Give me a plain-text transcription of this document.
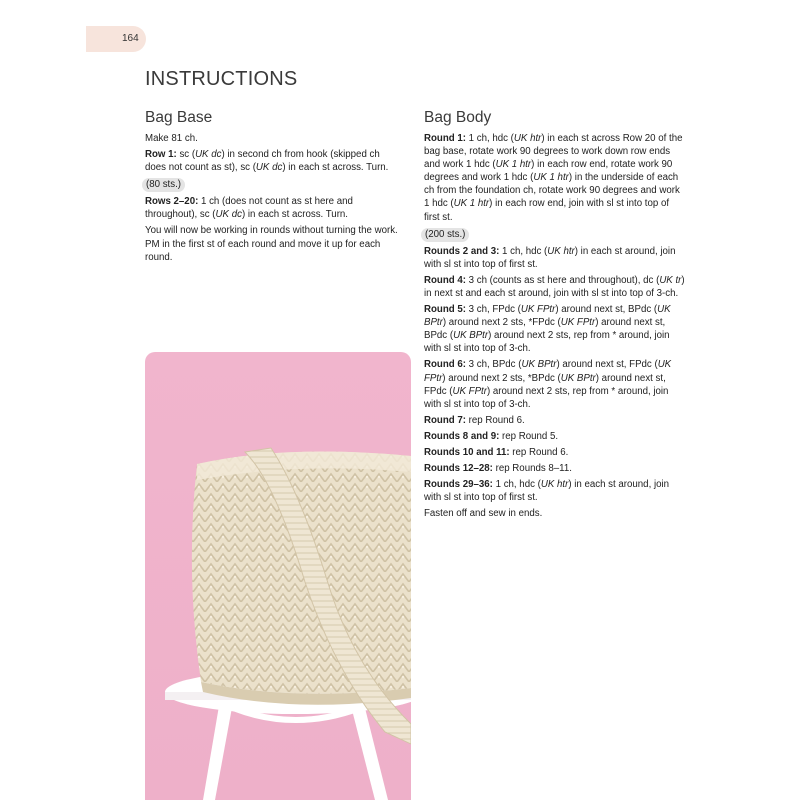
164
INSTRUCTIONS
Bag Base

Make 81 ch.

Row 1: sc (UK dc) in second ch from hook (skipped ch does not count as st), sc (UK dc) in each st across. Turn.

(80 sts.)

Rows 2–20: 1 ch (does not count as st here and throughout), sc (UK dc) in each st across. Turn.

You will now be working in rounds without turning the work. PM in the first st of each round and move it up for each round.

Bag Body

Round 1: 1 ch, hdc (UK htr) in each st across Row 20 of the bag base, rotate work 90 degrees to work down row ends and work 1 hdc (UK 1 htr) in each row end, rotate work 90 degrees and work 1 hdc (UK 1 htr) in the underside of each ch from the foundation ch, rotate work 90 degrees and work 1 hdc (UK 1 htr) in each row end, join with sl st into top of first st.

(200 sts.)

Rounds 2 and 3: 1 ch, hdc (UK htr) in each st around, join with sl st into top of first st.

Round 4: 3 ch (counts as st here and throughout), dc (UK tr) in next st and each st around, join with sl st into top of 3-ch.

Round 5: 3 ch, FPdc (UK FPtr) around next st, BPdc (UK BPtr) around next 2 sts, *FPdc (UK FPtr) around next st, BPdc (UK BPtr) around next 2 sts, rep from * around, join with sl st into top of 3-ch.

Round 6: 3 ch, BPdc (UK BPtr) around next st, FPdc (UK FPtr) around next 2 sts, *BPdc (UK BPtr) around next st, FPdc (UK FPtr) around next 2 sts, rep from * around, join with sl st into top of 3-ch.

Round 7: rep Round 6.

Rounds 8 and 9: rep Round 5.

Rounds 10 and 11: rep Round 6.

Rounds 12–28: rep Rounds 8–11.

Rounds 29–36: 1 ch, hdc (UK htr) in each st around, join with sl st into top of first st.

Fasten off and sew in ends.
